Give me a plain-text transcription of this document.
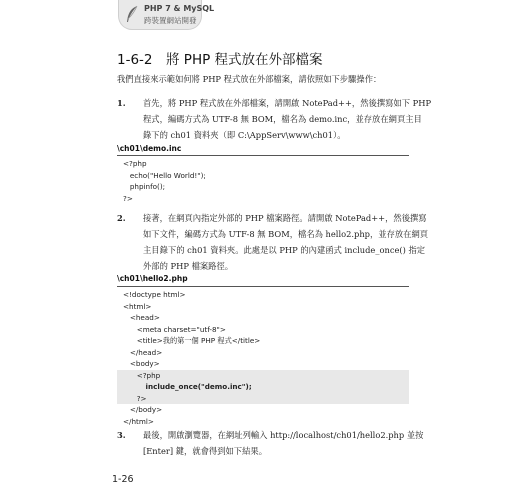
PHP 7 & MySQL
跨裝置網站開發
1-6-2　將 PHP 程式放在外部檔案
我們直接來示範如何將 PHP 程式放在外部檔案，請依照如下步驟操作：
1. 首先，將 PHP 程式放在外部檔案，請開啟 NotePad++，然後撰寫如下 PHP
程式，編碼方式為 UTF-8 無 BOM，檔名為 demo.inc，並存放在網頁主目
錄下的 ch01 資料夾（即 C:\AppServ\www\ch01）。
\ch01\demo.inc
<?php
echo("Hello World!");
phpinfo();
?>
2. 接著，在網頁內指定外部的 PHP 檔案路徑。請開啟 NotePad++，然後撰寫
如下文件，編碼方式為 UTF-8 無 BOM，檔名為 hello2.php，並存放在網頁
主目錄下的 ch01 資料夾。此處是以 PHP 的內建函式 include_once() 指定
外部的 PHP 檔案路徑。
\ch01\hello2.php
<!doctype html>
<html>
<head>
<meta charset="utf-8">
<title>我的第一個 PHP 程式</title>
</head>
<body>
<?php
include_once("demo.inc");
?>
</body>
</html>
3. 最後，開啟瀏覽器，在網址列輸入 http://localhost/ch01/hello2.php 並按
[Enter] 鍵，就會得到如下結果。
1-26
